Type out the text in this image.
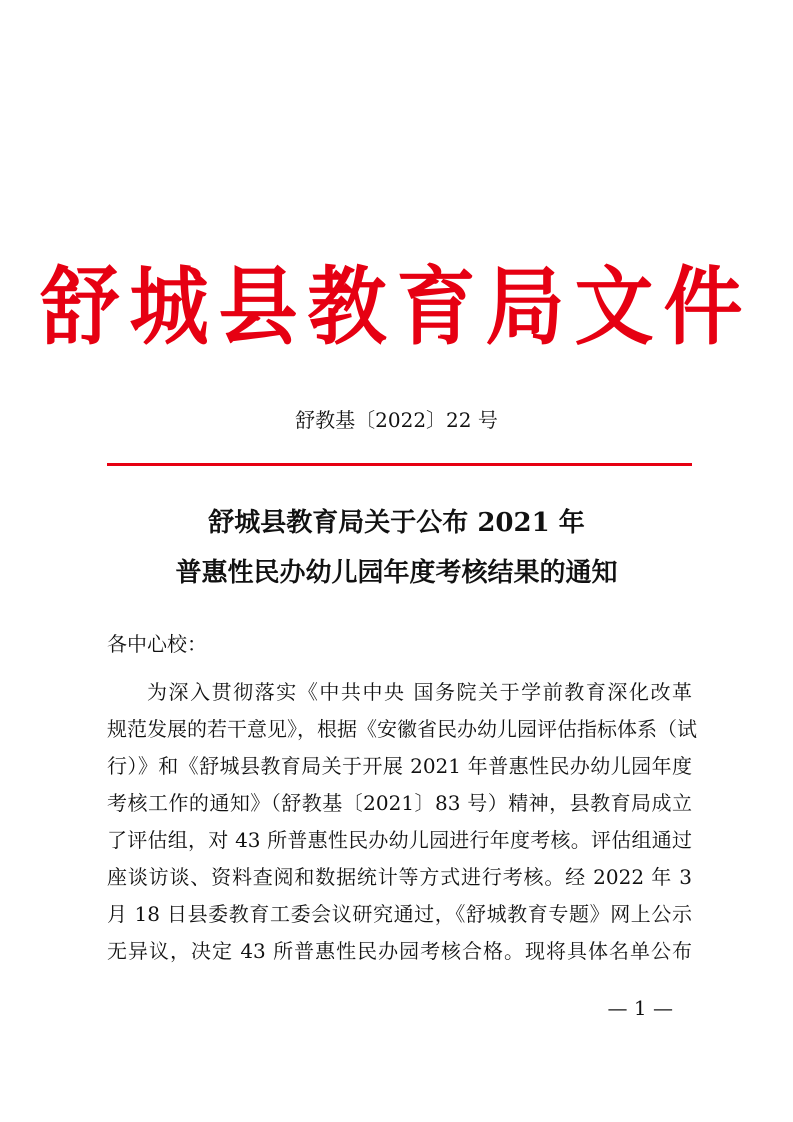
舒城县教育局文件
舒教基〔2022〕22 号
舒城县教育局关于公布 2021 年
普惠性民办幼儿园年度考核结果的通知
各中心校：
为深入贯彻落实《中共中央 国务院关于学前教育深化改革
规范发展的若干意见》，根据《安徽省民办幼儿园评估指标体系（试
行）》和《舒城县教育局关于开展 2021 年普惠性民办幼儿园年度
考核工作的通知》（舒教基〔2021〕83 号）精神，县教育局成立
了评估组，对 43 所普惠性民办幼儿园进行年度考核。评估组通过
座谈访谈、资料查阅和数据统计等方式进行考核。经 2022 年 3
月 18 日县委教育工委会议研究通过，《舒城教育专题》网上公示
无异议，决定 43 所普惠性民办园考核合格。现将具体名单公布
— 1 —
